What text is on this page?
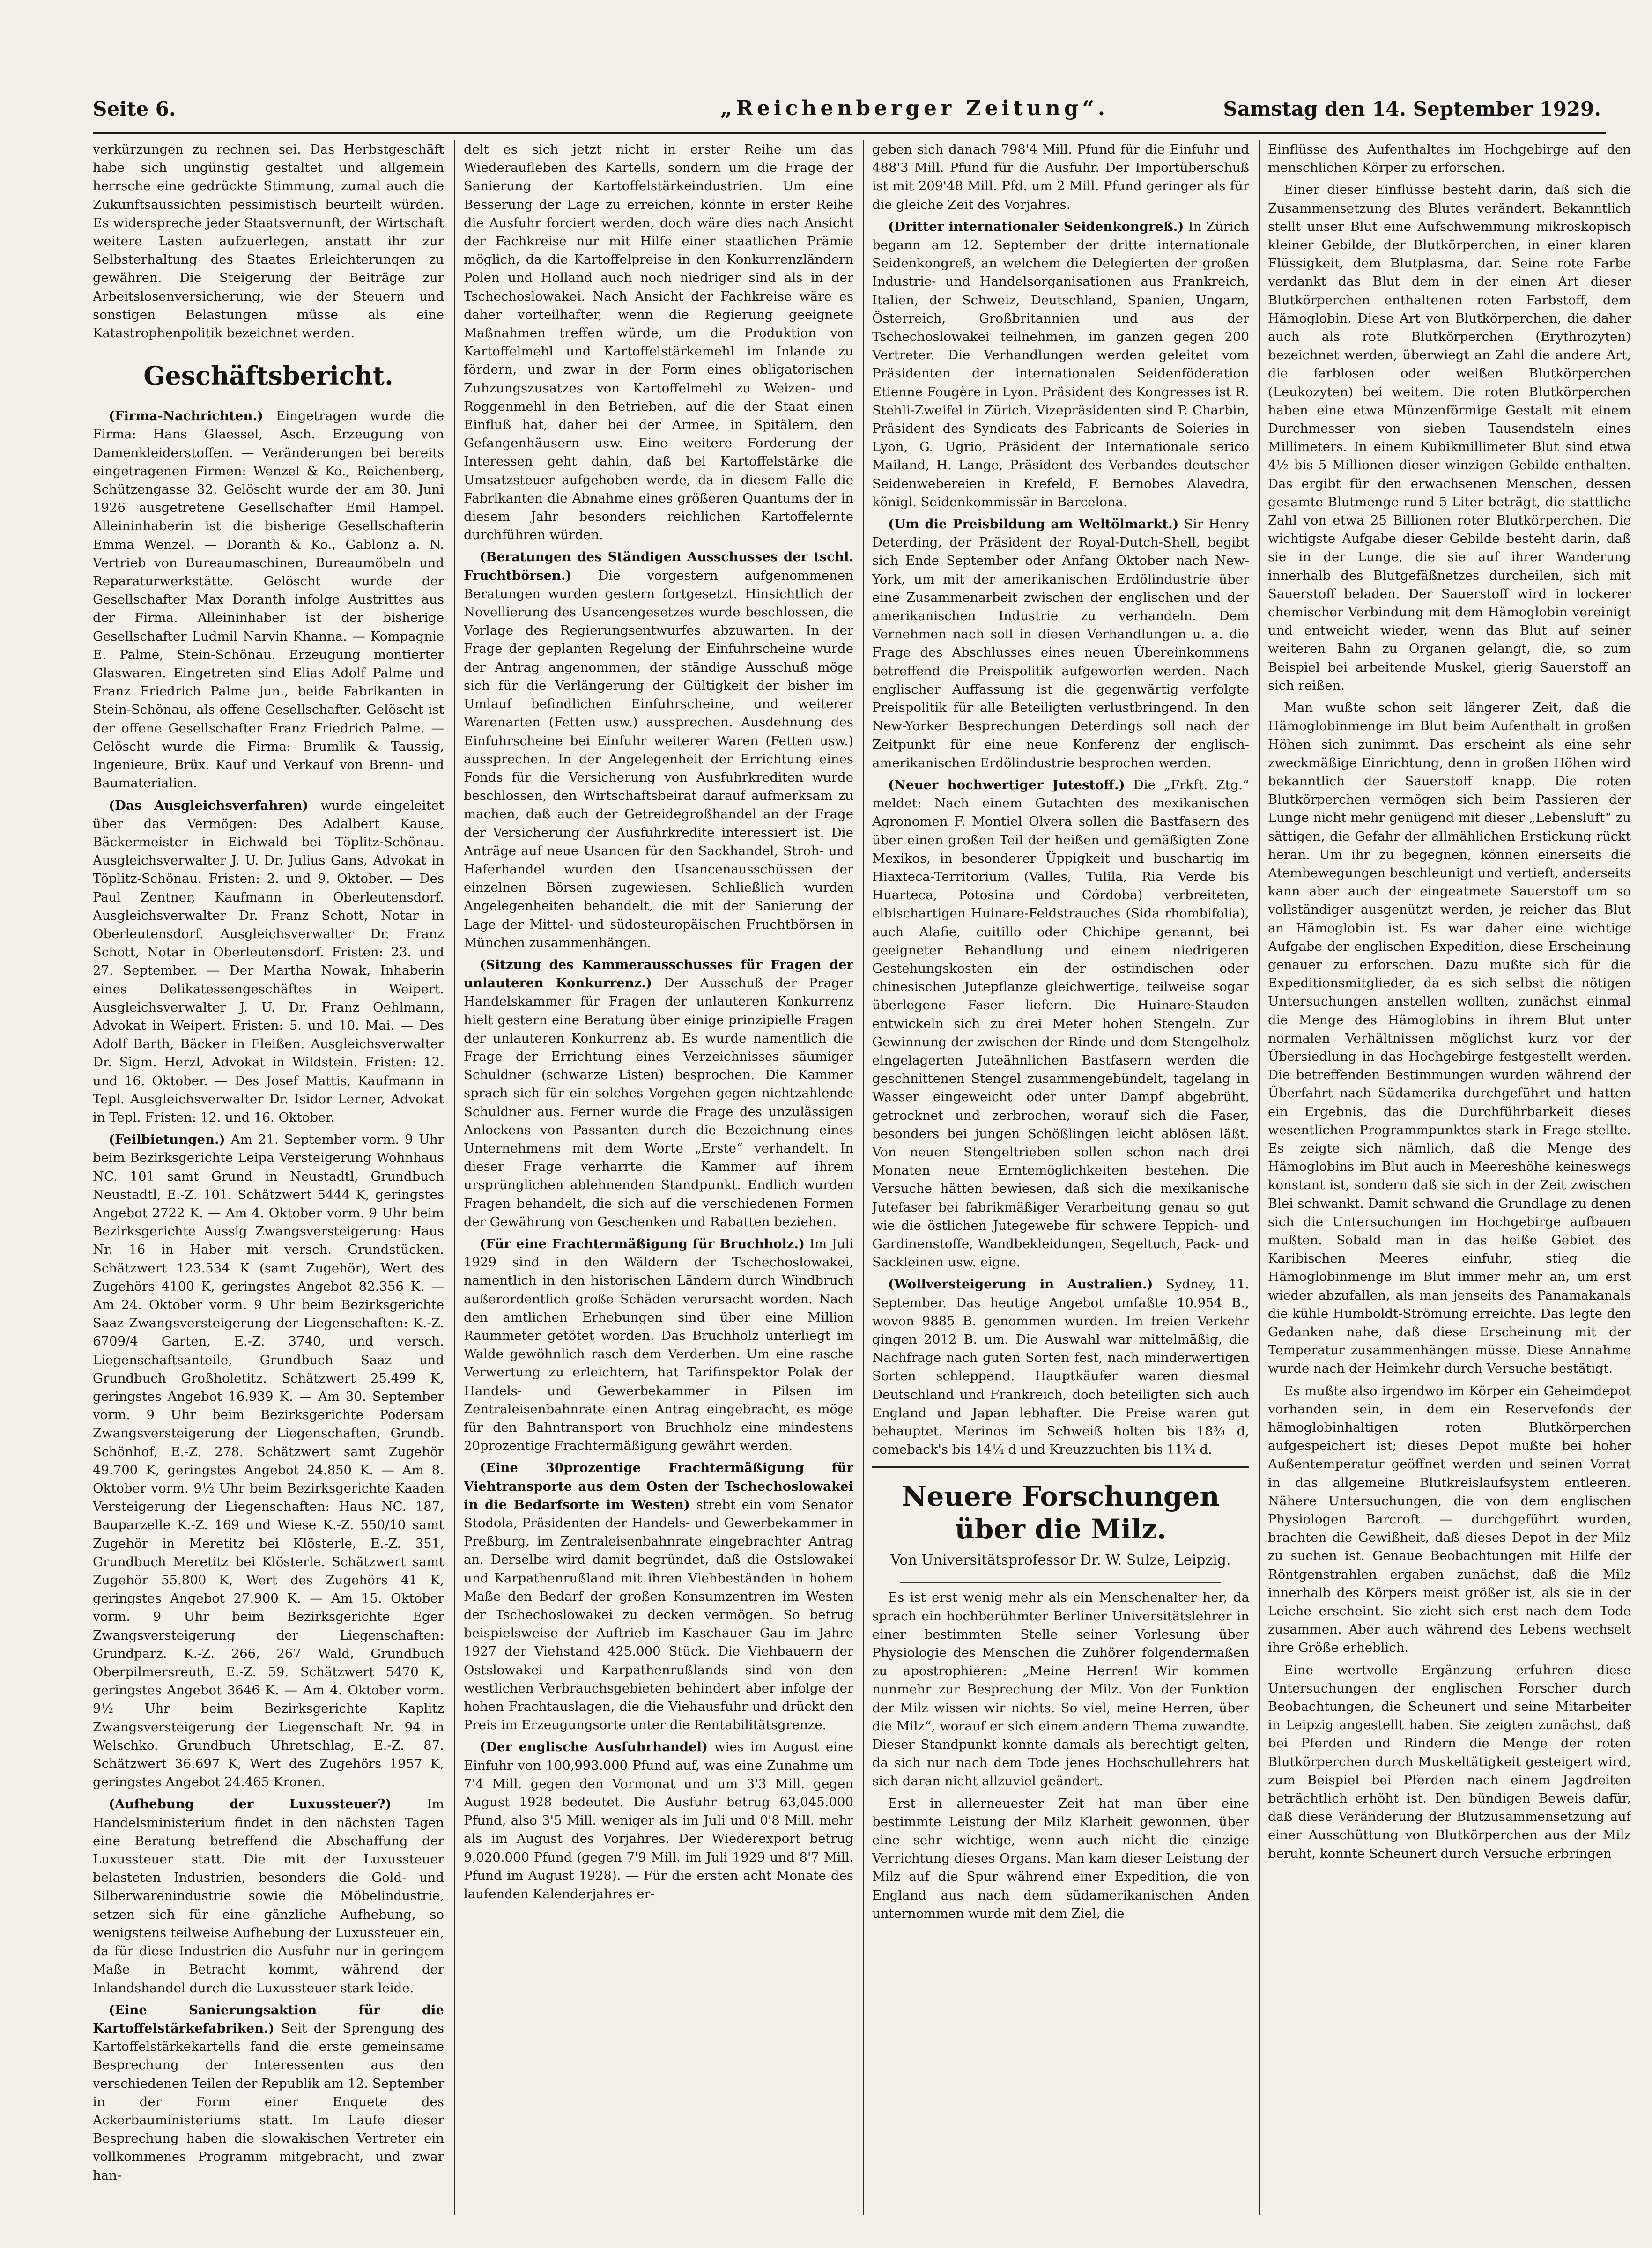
Seite 6.	„Reichenberger Zeitung“.	Samstag den 14. September 1929.

verkürzungen zu rechnen sei. Das Herbstgeschäft habe sich ungünstig gestaltet und allgemein herrsche eine gedrückte Stimmung, zumal auch die Zukunftsaussichten pessimistisch beurteilt würden. Es widerspreche jeder Staatsvernunft, der Wirtschaft weitere Lasten aufzuerlegen, anstatt ihr zur Selbsterhaltung des Staates Erleichterungen zu gewähren. Die Steigerung der Beiträge zur Arbeitslosenversicherung, wie der Steuern und sonstigen Belastungen müsse als eine Katastrophenpolitik bezeichnet werden.

Geschäftsbericht.

(Firma-Nachrichten.) Eingetragen wurde die Firma: Hans Glaessel, Asch. Erzeugung von Damenkleiderstoffen. — Veränderungen bei bereits eingetragenen Firmen: Wenzel & Ko., Reichenberg, Schützengasse 32. Gelöscht wurde der am 30. Juni 1926 ausgetretene Gesellschafter Emil Hampel. Alleininhaberin ist die bisherige Gesellschafterin Emma Wenzel. — Doranth & Ko., Gablonz a. N. Vertrieb von Bureaumaschinen, Bureaumöbeln und Reparaturwerkstätte. Gelöscht wurde der Gesellschafter Max Doranth infolge Austrittes aus der Firma. Alleininhaber ist der bisherige Gesellschafter Ludmil Narvin Khanna. — Kompagnie E. Palme, Stein-Schönau. Erzeugung montierter Glaswaren. Eingetreten sind Elias Adolf Palme und Franz Friedrich Palme jun., beide Fabrikanten in Stein-Schönau, als offene Gesellschafter. Gelöscht ist der offene Gesellschafter Franz Friedrich Palme. — Gelöscht wurde die Firma: Brumlik & Taussig, Ingenieure, Brüx. Kauf und Verkauf von Brenn- und Baumaterialien.

(Das Ausgleichsverfahren) wurde eingeleitet über das Vermögen: Des Adalbert Kause, Bäckermeister in Eichwald bei Töplitz-Schönau. Ausgleichsverwalter J. U. Dr. Julius Gans, Advokat in Töplitz-Schönau. Fristen: 2. und 9. Oktober. — Des Paul Zentner, Kaufmann in Oberleutensdorf. Ausgleichsverwalter Dr. Franz Schott, Notar in Oberleutensdorf. Ausgleichsverwalter Dr. Franz Schott, Notar in Oberleutensdorf. Fristen: 23. und 27. September. — Der Martha Nowak, Inhaberin eines Delikatessengeschäftes in Weipert. Ausgleichsverwalter J. U. Dr. Franz Oehlmann, Advokat in Weipert. Fristen: 5. und 10. Mai. — Des Adolf Barth, Bäcker in Fleißen. Ausgleichsverwalter Dr. Sigm. Herzl, Advokat in Wildstein. Fristen: 12. und 16. Oktober. — Des Josef Mattis, Kaufmann in Tepl. Ausgleichsverwalter Dr. Isidor Lerner, Advokat in Tepl. Fristen: 12. und 16. Oktober.

(Feilbietungen.) Am 21. September vorm. 9 Uhr beim Bezirksgerichte Leipa Versteigerung Wohnhaus NC. 101 samt Grund in Neustadtl, Grundbuch Neustadtl, E.-Z. 101. Schätzwert 5444 K, geringstes Angebot 2722 K. — Am 4. Oktober vorm. 9 Uhr beim Bezirksgerichte Aussig Zwangsversteigerung: Haus Nr. 16 in Haber mit versch. Grundstücken. Schätzwert 123.534 K (samt Zugehör), Wert des Zugehörs 4100 K, geringstes Angebot 82.356 K. — Am 24. Oktober vorm. 9 Uhr beim Bezirksgerichte Saaz Zwangsversteigerung der Liegenschaften: K.-Z. 6709/4 Garten, E.-Z. 3740, und versch. Liegenschaftsanteile, Grundbuch Saaz und Grundbuch Großholetitz. Schätzwert 25.499 K, geringstes Angebot 16.939 K. — Am 30. September vorm. 9 Uhr beim Bezirksgerichte Podersam Zwangsversteigerung der Liegenschaften, Grundb. Schönhof, E.-Z. 278. Schätzwert samt Zugehör 49.700 K, geringstes Angebot 24.850 K. — Am 8. Oktober vorm. 9½ Uhr beim Bezirksgerichte Kaaden Versteigerung der Liegenschaften: Haus NC. 187, Bauparzelle K.-Z. 169 und Wiese K.-Z. 550/10 samt Zugehör in Meretitz bei Klösterle, E.-Z. 351, Grundbuch Meretitz bei Klösterle. Schätzwert samt Zugehör 55.800 K, Wert des Zugehörs 41 K, geringstes Angebot 27.900 K. — Am 15. Oktober vorm. 9 Uhr beim Bezirksgerichte Eger Zwangsversteigerung der Liegenschaften: Grundparz. K.-Z. 266, 267 Wald, Grundbuch Oberpilmersreuth, E.-Z. 59. Schätzwert 5470 K, geringstes Angebot 3646 K. — Am 4. Oktober vorm. 9½ Uhr beim Bezirksgerichte Kaplitz Zwangsversteigerung der Liegenschaft Nr. 94 in Welschko. Grundbuch Uhretschlag, E.-Z. 87. Schätzwert 36.697 K, Wert des Zugehörs 1957 K, geringstes Angebot 24.465 Kronen.

(Aufhebung der Luxussteuer?)	Im Handelsministerium findet in den nächsten Tagen eine Beratung betreffend die Abschaffung der Luxussteuer statt. Die mit der Luxussteuer belasteten Industrien, besonders die Gold- und Silberwarenindustrie sowie die Möbelindustrie, setzen sich für eine gänzliche Aufhebung, so wenigstens teilweise Aufhebung der Luxussteuer ein, da für diese Industrien die Ausfuhr nur in geringem Maße in Betracht kommt, während der Inlandshandel durch die Luxussteuer stark leide.

(Eine Sanierungsaktion für die Kartoffelstärkefabriken.) Seit der Sprengung des Kartoffelstärkekartells fand die erste gemeinsame Besprechung der Interessenten aus den verschiedenen Teilen der Republik am 12. September in der Form einer Enquete des Ackerbauministeriums statt. Im Laufe dieser Besprechung haben die slowakischen Vertreter ein vollkommenes Programm mitgebracht, und zwar han-

delt es sich jetzt nicht in erster Reihe um das Wiederaufleben des Kartells, sondern um die Frage der Sanierung der Kartoffelstärkeindustrien. Um eine Besserung der Lage zu erreichen, könnte in erster Reihe die Ausfuhr forciert werden, doch wäre dies nach Ansicht der Fachkreise nur mit Hilfe einer staatlichen Prämie möglich, da die Kartoffelpreise in den Konkurrenzländern Polen und Holland auch noch niedriger sind als in der Tschechoslowakei. Nach Ansicht der Fachkreise wäre es daher vorteilhafter, wenn die Regierung geeignete Maßnahmen treffen würde, um die Produktion von Kartoffelmehl und Kartoffelstärkemehl im Inlande zu fördern, und zwar in der Form eines obligatorischen Zuhzungszusatzes von Kartoffelmehl zu Weizen- und Roggenmehl in den Betrieben, auf die der Staat einen Einfluß hat, daher bei der Armee, in Spitälern, den Gefangenhäusern usw. Eine weitere Forderung der Interessen geht dahin, daß bei Kartoffelstärke die Umsatzsteuer aufgehoben werde, da in diesem Falle die Fabrikanten die Abnahme eines größeren Quantums der in diesem Jahr besonders reichlichen Kartoffelernte durchführen würden.

(Beratungen des Ständigen Ausschusses der tschl. Fruchtbörsen.) Die vorgestern aufgenommenen Beratungen wurden gestern fortgesetzt. Hinsichtlich der Novellierung des Usancengesetzes wurde beschlossen, die Vorlage des Regierungsentwurfes abzuwarten. In der Frage der geplanten Regelung der Einfuhrscheine wurde der Antrag angenommen, der ständige Ausschuß möge sich für die Verlängerung der Gültigkeit der bisher im Umlauf befindlichen Einfuhrscheine, und weiterer Warenarten (Fetten usw.) aussprechen. Ausdehnung des Einfuhrscheine bei Einfuhr weiterer Waren (Fetten usw.) aussprechen. In der Angelegenheit der Errichtung eines Fonds für die Versicherung von Ausfuhrkrediten wurde beschlossen, den Wirtschaftsbeirat darauf aufmerksam zu machen, daß auch der Getreidegroßhandel an der Frage der Versicherung der Ausfuhrkredite interessiert ist. Die Anträge auf neue Usancen für den Sackhandel, Stroh- und Haferhandel wurden den Usancenausschüssen der einzelnen Börsen zugewiesen. Schließlich wurden Angelegenheiten behandelt, die mit der Sanierung der Lage der Mittel- und südosteuropäischen Fruchtbörsen in München zusammenhängen.

(Sitzung des Kammerausschusses für Fragen der unlauteren Konkurrenz.) Der Ausschuß der Prager Handelskammer für Fragen der unlauteren Konkurrenz hielt gestern eine Beratung über einige prinzipielle Fragen der unlauteren Konkurrenz ab. Es wurde namentlich die Frage der Errichtung eines Verzeichnisses säumiger Schuldner (schwarze Listen) besprochen. Die Kammer sprach sich für ein solches Vorgehen gegen nichtzahlende Schuldner aus. Ferner wurde die Frage des unzulässigen Anlockens von Passanten durch die Bezeichnung eines Unternehmens mit dem Worte „Erste“ verhandelt. In dieser Frage verharrte die Kammer auf ihrem ursprünglichen ablehnenden Standpunkt. Endlich wurden Fragen behandelt, die sich auf die verschiedenen Formen der Gewährung von Geschenken und Rabatten beziehen.

(Für eine Frachtermäßigung für Bruchholz.) Im Juli 1929 sind in den Wäldern der Tschechoslowakei, namentlich in den historischen Ländern durch Windbruch außerordentlich große Schäden verursacht worden. Nach den amtlichen Erhebungen sind über eine Million Raummeter getötet worden. Das Bruchholz unterliegt im Walde gewöhnlich rasch dem Verderben. Um eine rasche Verwertung zu erleichtern, hat Tarifinspektor Polak der Handels- und Gewerbekammer in Pilsen im Zentraleisenbahnrate einen Antrag eingebracht, es möge für den Bahntransport von Bruchholz eine mindestens 20prozentige Frachtermäßigung gewährt werden.

(Eine 30prozentige Frachtermäßigung für Viehtransporte aus dem Osten der Tschechoslowakei in die Bedarfsorte im Westen) strebt ein vom Senator Stodola, Präsidenten der Handels- und Gewerbekammer in Preßburg, im Zentraleisenbahnrate eingebrachter Antrag an. Derselbe wird damit begründet, daß die Ostslowakei und Karpathenrußland mit ihren Viehbeständen in hohem Maße den Bedarf der großen Konsumzentren im Westen der Tschechoslowakei zu decken vermögen. So betrug beispielsweise der Auftrieb im Kaschauer Gau im Jahre 1927 der Viehstand 425.000 Stück. Die Viehbauern der Ostslowakei und Karpathenrußlands sind von den westlichen Verbrauchsgebieten behindert aber infolge der hohen Frachtauslagen, die die Viehausfuhr und drückt den Preis im Erzeugungsorte unter die Rentabilitätsgrenze.

(Der englische Ausfuhrhandel) wies im August eine Einfuhr von 100,993.000 Pfund auf, was eine Zunahme um 7'4 Mill. gegen den Vormonat und um 3'3 Mill. gegen August 1928 bedeutet. Die Ausfuhr betrug 63,045.000 Pfund, also 3'5 Mill. weniger als im Juli und 0'8 Mill. mehr als im August des Vorjahres. Der Wiederexport betrug 9,020.000 Pfund (gegen 7'9 Mill. im Juli 1929 und 8'7 Mill. Pfund im August 1928). — Für die ersten acht Monate des laufenden Kalenderjahres er-

geben sich danach 798'4 Mill. Pfund für die Einfuhr und 488'3 Mill. Pfund für die Ausfuhr. Der Importüberschuß ist mit 209'48 Mill. Pfd. um 2 Mill. Pfund geringer als für die gleiche Zeit des Vorjahres.

(Dritter internationaler Seidenkongreß.) In Zürich begann am 12. September der dritte internationale Seidenkongreß, an welchem die Delegierten der großen Industrie- und Handelsorganisationen aus Frankreich, Italien, der Schweiz, Deutschland, Spanien, Ungarn, Österreich, Großbritannien und aus der Tschechoslowakei teilnehmen, im ganzen gegen 200 Vertreter. Die Verhandlungen werden geleitet vom Präsidenten der internationalen Seidenföderation Etienne Fougère in Lyon. Präsident des Kongresses ist R. Stehli-Zweifel in Zürich. Vizepräsidenten sind P. Charbin, Präsident des Syndicats des Fabricants de Soieries in Lyon, G. Ugrio, Präsident der Internationale serico Mailand, H. Lange, Präsident des Verbandes deutscher Seidenwebereien in Krefeld, F. Bernobes Alavedra, königl. Seidenkommissär in Barcelona.

(Um die Preisbildung am Weltölmarkt.) Sir Henry Deterding, der Präsident der Royal-Dutch-Shell, begibt sich Ende September oder Anfang Oktober nach New-York, um mit der amerikanischen Erdölindustrie über eine Zusammenarbeit zwischen der englischen und der amerikanischen Industrie zu verhandeln. Dem Vernehmen nach soll in diesen Verhandlungen u. a. die Frage des Abschlusses eines neuen Übereinkommens betreffend die Preispolitik aufgeworfen werden. Nach englischer Auffassung ist die gegenwärtig verfolgte Preispolitik für alle Beteiligten verlustbringend. In den New-Yorker Besprechungen Deterdings soll nach der Zeitpunkt für eine neue Konferenz der englisch-amerikanischen Erdölindustrie besprochen werden.

(Neuer hochwertiger Jutestoff.) Die „Frkft. Ztg.“ meldet: Nach einem Gutachten des mexikanischen Agronomen F. Montiel Olvera sollen die Bastfasern des über einen großen Teil der heißen und gemäßigten Zone Mexikos, in besonderer Üppigkeit und buschartig im Hiaxteca-Territorium (Valles, Tulila, Ria Verde bis Huarteca, Potosina und Córdoba) verbreiteten, eibischartigen Huinare-Feldstrauches (Sida rhombifolia), auch Alafie, cuitillo oder Chichipe genannt, bei geeigneter Behandlung und einem niedrigeren Gestehungskosten ein der ostindischen oder chinesischen Jutepflanze gleichwertige, teilweise sogar überlegene Faser liefern. Die Huinare-Stauden entwickeln sich zu drei Meter hohen Stengeln. Zur Gewinnung der zwischen der Rinde und dem Stengelholz eingelagerten Juteähnlichen Bastfasern werden die geschnittenen Stengel zusammengebündelt, tagelang in Wasser eingeweicht oder unter Dampf abgebrüht, getrocknet und zerbrochen, worauf sich die Faser, besonders bei jungen Schößlingen leicht ablösen läßt. Von neuen Stengeltrieben sollen schon nach drei Monaten neue Erntemöglichkeiten bestehen. Die Versuche hätten bewiesen, daß sich die mexikanische Jutefaser bei fabrikmäßiger Verarbeitung genau so gut wie die östlichen Jutegewebe für schwere Teppich- und Gardinenstoffe, Wandbekleidungen, Segeltuch, Pack- und Sackleinen usw. eigne.

(Wollversteigerung in Australien.) Sydney, 11. September. Das heutige Angebot umfaßte 10.954 B., wovon 9885 B. genommen wurden. Im freien Verkehr gingen 2012 B. um. Die Auswahl war mittelmäßig, die Nachfrage nach guten Sorten fest, nach minderwertigen Sorten schleppend. Hauptkäufer waren diesmal Deutschland und Frankreich, doch beteiligten sich auch England und Japan lebhafter. Die Preise waren gut behauptet. Merinos im Schweiß holten bis 18¾ d, comeback's bis 14¼ d und Kreuzzuchten bis 11¾ d.

Neuere Forschungen über die Milz.
Von Universitätsprofessor Dr. W. Sulze, Leipzig.

Es ist erst wenig mehr als ein Menschenalter her, da sprach ein hochberühmter Berliner Universitätslehrer in einer bestimmten Stelle seiner Vorlesung über Physiologie des Menschen die Zuhörer folgendermaßen zu apostrophieren: „Meine Herren! Wir kommen nunmehr zur Besprechung der Milz. Von der Funktion der Milz wissen wir nichts. So viel, meine Herren, über die Milz“, worauf er sich einem andern Thema zuwandte. Dieser Standpunkt konnte damals als berechtigt gelten, da sich nur nach dem Tode jenes Hochschullehrers hat sich daran nicht allzuviel geändert.

Erst in allerneuester Zeit hat man über eine bestimmte Leistung der Milz Klarheit gewonnen, über eine sehr wichtige, wenn auch nicht die einzige Verrichtung dieses Organs. Man kam dieser Leistung der Milz auf die Spur während einer Expedition, die von England aus nach dem südamerikanischen Anden unternommen wurde mit dem Ziel, die

Einflüsse des Aufenthaltes im Hochgebirge auf den menschlichen Körper zu erforschen.

Einer dieser Einflüsse besteht darin, daß sich die Zusammensetzung des Blutes verändert. Bekanntlich stellt unser Blut eine Aufschwemmung mikroskopisch kleiner Gebilde, der Blutkörperchen, in einer klaren Flüssigkeit, dem Blutplasma, dar. Seine rote Farbe verdankt das Blut dem in der einen Art dieser Blutkörperchen enthaltenen roten Farbstoff, dem Hämoglobin. Diese Art von Blutkörperchen, die daher auch als rote Blutkörperchen (Erythrozyten) bezeichnet werden, überwiegt an Zahl die andere Art, die farblosen oder weißen Blutkörperchen (Leukozyten) bei weitem. Die roten Blutkörperchen haben eine etwa Münzenförmige Gestalt mit einem Durchmesser von sieben Tausendsteln eines Millimeters. In einem Kubikmillimeter Blut sind etwa 4½ bis 5 Millionen dieser winzigen Gebilde enthalten. Das ergibt für den erwachsenen Menschen, dessen gesamte Blutmenge rund 5 Liter beträgt, die stattliche Zahl von etwa 25 Billionen roter Blutkörperchen. Die wichtigste Aufgabe dieser Gebilde besteht darin, daß sie in der Lunge, die sie auf ihrer Wanderung innerhalb des Blutgefäßnetzes durcheilen, sich mit Sauerstoff beladen. Der Sauerstoff wird in lockerer chemischer Verbindung mit dem Hämoglobin vereinigt und entweicht wieder, wenn das Blut auf seiner weiteren Bahn zu Organen gelangt, die, so zum Beispiel bei arbeitende Muskel, gierig Sauerstoff an sich reißen.

Man wußte schon seit längerer Zeit, daß die Hämoglobinmenge im Blut beim Aufenthalt in großen Höhen sich zunimmt. Das erscheint als eine sehr zweckmäßige Einrichtung, denn in großen Höhen wird bekanntlich der Sauerstoff knapp. Die roten Blutkörperchen vermögen sich beim Passieren der Lunge nicht mehr genügend mit dieser „Lebensluft“ zu sättigen, die Gefahr der allmählichen Erstickung rückt heran. Um ihr zu begegnen, können einerseits die Atembewegungen beschleunigt und vertieft, anderseits kann aber auch der eingeatmete Sauerstoff um so vollständiger ausgenützt werden, je reicher das Blut an Hämoglobin ist. Es war daher eine wichtige Aufgabe der englischen Expedition, diese Erscheinung genauer zu erforschen. Dazu mußte sich für die Expeditionsmitglieder, da es sich selbst die nötigen Untersuchungen anstellen wollten, zunächst einmal die Menge des Hämoglobins in ihrem Blut unter normalen Verhältnissen möglichst kurz vor der Übersiedlung in das Hochgebirge festgestellt werden. Die betreffenden Bestimmungen wurden während der Überfahrt nach Südamerika durchgeführt und hatten ein Ergebnis, das die Durchführbarkeit dieses wesentlichen Programmpunktes stark in Frage stellte. Es zeigte sich nämlich, daß die Menge des Hämoglobins im Blut auch in Meereshöhe keineswegs konstant ist, sondern daß sie sich in der Zeit zwischen Blei schwankt. Damit schwand die Grundlage zu denen sich die Untersuchungen im Hochgebirge aufbauen mußten. Sobald man in das heiße Gebiet des Karibischen Meeres einfuhr, stieg die Hämoglobinmenge im Blut immer mehr an, um erst wieder abzufallen, als man jenseits des Panamakanals die kühle Humboldt-Strömung erreichte. Das legte den Gedanken nahe, daß diese Erscheinung mit der Temperatur zusammenhängen müsse. Diese Annahme wurde nach der Heimkehr durch Versuche bestätigt.

Es mußte also irgendwo im Körper ein Geheimdepot vorhanden sein, in dem ein Reservefonds der hämoglobinhaltigen roten Blutkörperchen aufgespeichert ist; dieses Depot mußte bei hoher Außentemperatur geöffnet werden und seinen Vorrat in das allgemeine Blutkreislaufsystem entleeren. Nähere Untersuchungen, die von dem englischen Physiologen Barcroft — durchgeführt wurden, brachten die Gewißheit, daß dieses Depot in der Milz zu suchen ist. Genaue Beobachtungen mit Hilfe der Röntgenstrahlen ergaben zunächst, daß die Milz innerhalb des Körpers meist größer ist, als sie in der Leiche erscheint. Sie zieht sich erst nach dem Tode zusammen. Aber auch während des Lebens wechselt ihre Größe erheblich.

Eine wertvolle Ergänzung erfuhren diese Untersuchungen der englischen Forscher durch Beobachtungen, die Scheunert und seine Mitarbeiter in Leipzig angestellt haben. Sie zeigten zunächst, daß bei Pferden und Rindern die Menge der roten Blutkörperchen durch Muskeltätigkeit gesteigert wird, zum Beispiel bei Pferden nach einem Jagdreiten beträchtlich erhöht ist. Den bündigen Beweis dafür, daß diese Veränderung der Blutzusammensetzung auf einer Ausschüttung von Blutkörperchen aus der Milz beruht, konnte Scheunert durch Versuche erbringen
